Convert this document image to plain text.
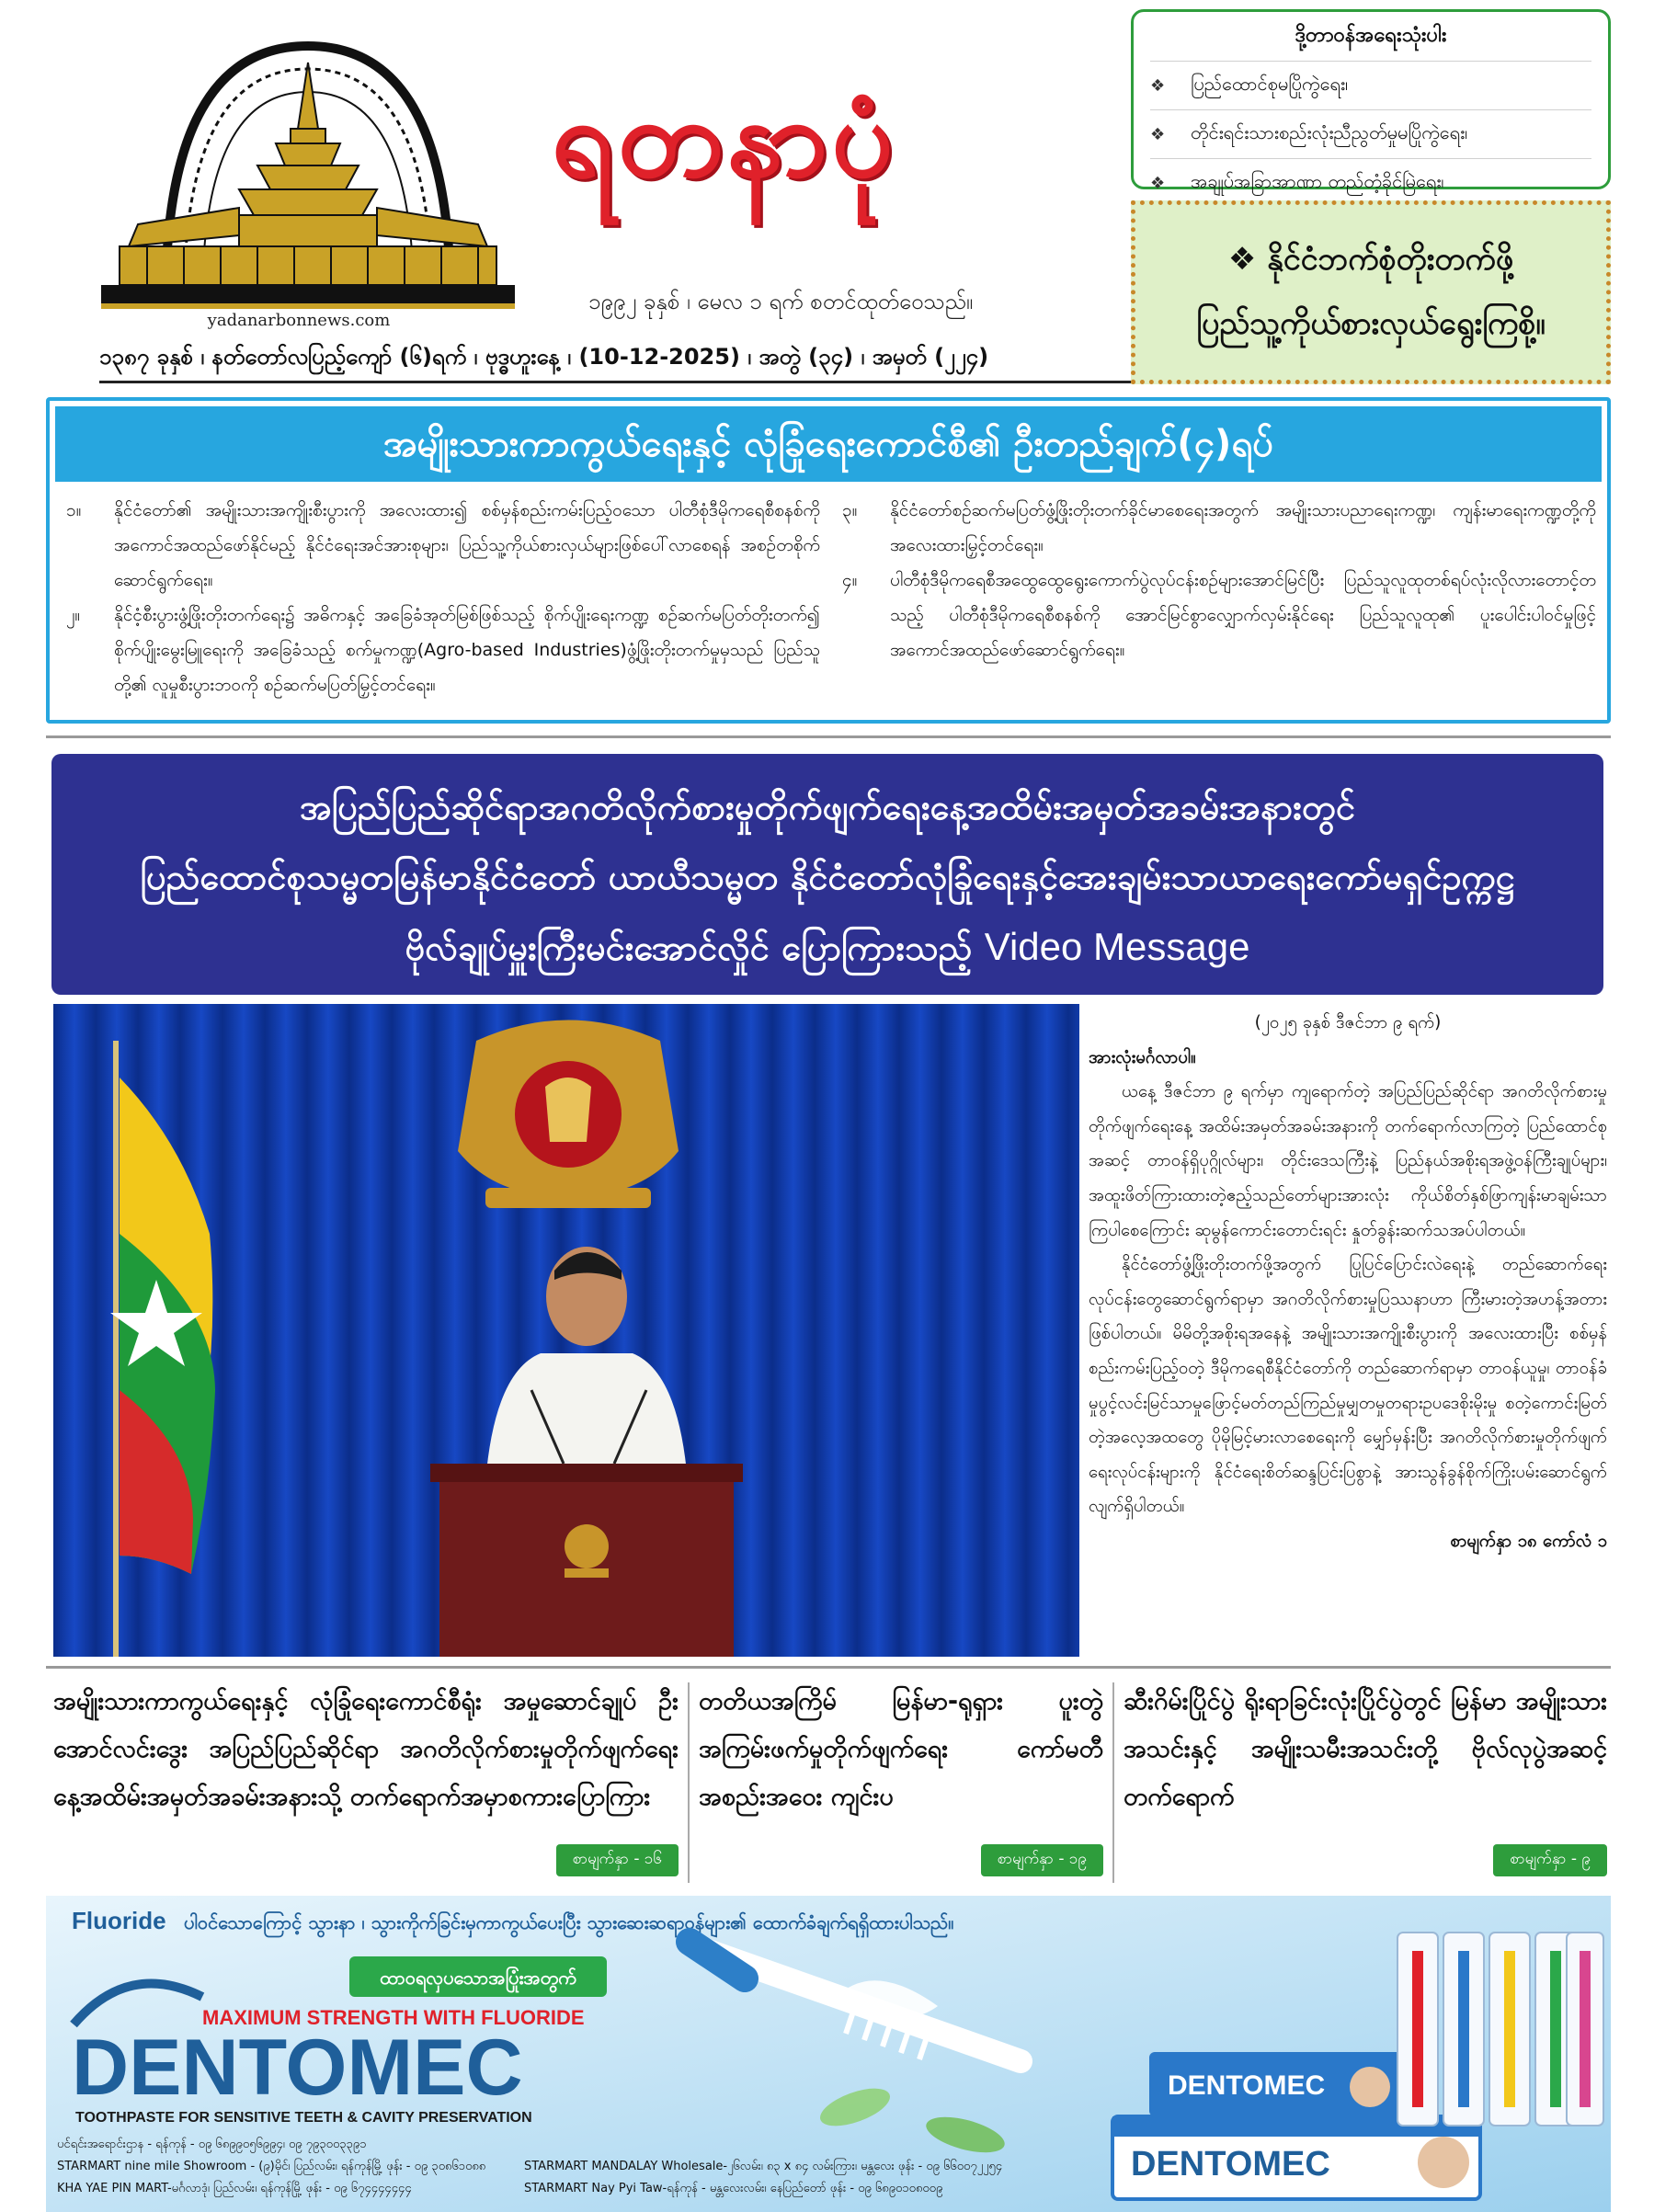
yadanarbonnews.com
ရတနာပုံ
၁၉၉၂ ခုနှစ် ၊ မေလ ၁ ရက် စတင်ထုတ်ဝေသည်။
၁၃၈၇ ခုနှစ် ၊ နတ်တော်လပြည့်ကျော် (၆)ရက် ၊ ဗုဒ္ဓဟူးနေ့ ၊ (10-12-2025) ၊ အတွဲ (၃၄) ၊ အမှတ် (၂၂၄)
ဒို့တာဝန်အရေးသုံးပါး
❖	ပြည်ထောင်စုမပြိုကွဲရေး၊
❖	တိုင်းရင်းသားစည်းလုံးညီညွတ်မှုမပြိုကွဲရေး၊
❖	အချုပ်အခြာအာဏာ တည်တံ့ခိုင်မြဲရေး၊
❖ နိုင်ငံဘက်စုံတိုးတက်ဖို့
ပြည်သူ့ကိုယ်စားလှယ်ရွေးကြစို့။
အမျိုးသားကာကွယ်ရေးနှင့် လုံခြုံရေးကောင်စီ၏ ဦးတည်ချက်(၄)ရပ်
၁။	နိုင်ငံတော်၏ အမျိုးသားအကျိုးစီးပွားကို အလေးထား၍ စစ်မှန်စည်းကမ်းပြည့်ဝသော ပါတီစုံဒီမိုကရေစီစနစ်ကို အကောင်အထည်ဖော်နိုင်မည့် နိုင်ငံရေးအင်အားစုများ၊ ပြည်သူ့ကိုယ်စားလှယ်များဖြစ်ပေါ်လာစေရန် အစဉ်တစိုက်ဆောင်ရွက်ရေး။
၂။	နိုင်ငံ့စီးပွားဖွံ့ဖြိုးတိုးတက်ရေး၌ အဓိကနှင့် အခြေခံအုတ်မြစ်ဖြစ်သည့် စိုက်ပျိုးရေးကဏ္ဍ စဉ်ဆက်မပြတ်တိုးတက်၍ စိုက်ပျိုးမွေးမြူရေးကို အခြေခံသည့် စက်မှုကဏ္ဍ(Agro-based Industries)ဖွံ့ဖြိုးတိုးတက်မှုမှသည် ပြည်သူတို့၏ လူမှုစီးပွားဘဝကို စဉ်ဆက်မပြတ်မြှင့်တင်ရေး။
၃။	နိုင်ငံတော်စဉ်ဆက်မပြတ်ဖွံ့ဖြိုးတိုးတက်ခိုင်မာစေရေးအတွက် အမျိုးသားပညာရေးကဏ္ဍ၊ ကျန်းမာရေးကဏ္ဍတို့ကို အလေးထားမြှင့်တင်ရေး။
၄။	ပါတီစုံဒီမိုကရေစီအထွေထွေရွေးကောက်ပွဲလုပ်ငန်းစဉ်များအောင်မြင်ပြီး ပြည်သူလူထုတစ်ရပ်လုံးလိုလားတောင့်တသည့် ပါတီစုံဒီမိုကရေစီစနစ်ကို အောင်မြင်စွာလျှောက်လှမ်းနိုင်ရေး ပြည်သူလူထု၏ ပူးပေါင်းပါဝင်မှုဖြင့် အကောင်အထည်ဖော်ဆောင်ရွက်ရေး။
အပြည်ပြည်ဆိုင်ရာအဂတိလိုက်စားမှုတိုက်ဖျက်ရေးနေ့အထိမ်းအမှတ်အခမ်းအနားတွင်
ပြည်ထောင်စုသမ္မတမြန်မာနိုင်ငံတော် ယာယီသမ္မတ နိုင်ငံတော်လုံခြုံရေးနှင့်အေးချမ်းသာယာရေးကော်မရှင်ဥက္ကဋ္ဌ
ဗိုလ်ချုပ်မှူးကြီးမင်းအောင်လှိုင် ပြောကြားသည့် Video Message
(၂၀၂၅ ခုနှစ် ဒီဇင်ဘာ ၉ ရက်)
အားလုံးမင်္ဂလာပါ။

ယနေ့ ဒီဇင်ဘာ ၉ ရက်မှာ ကျရောက်တဲ့ အပြည်ပြည်ဆိုင်ရာ အဂတိလိုက်စားမှုတိုက်ဖျက်ရေးနေ့ အထိမ်းအမှတ်အခမ်းအနားကို တက်ရောက်လာကြတဲ့ ပြည်ထောင်စုအဆင့် တာဝန်ရှိပုဂ္ဂိုလ်များ၊ တိုင်းဒေသကြီးနဲ့ ပြည်နယ်အစိုးရအဖွဲ့ဝန်ကြီးချုပ်များ၊ အထူးဖိတ်ကြားထားတဲ့ဧည့်သည်တော်များအားလုံး ကိုယ်စိတ်နှစ်ဖြာကျန်းမာချမ်းသာကြပါစေကြောင်း ဆုမွန်ကောင်းတောင်းရင်း နှုတ်ခွန်းဆက်သအပ်ပါတယ်။

နိုင်ငံတော်ဖွံ့ဖြိုးတိုးတက်ဖို့အတွက် ပြုပြင်ပြောင်းလဲရေးနဲ့ တည်ဆောက်ရေးလုပ်ငန်းတွေဆောင်ရွက်ရာမှာ အဂတိလိုက်စားမှုပြဿနာဟာ ကြီးမားတဲ့အဟန့်အတားဖြစ်ပါတယ်။ မိမိတို့အစိုးရအနေနဲ့ အမျိုးသားအကျိုးစီးပွားကို အလေးထားပြီး စစ်မှန်စည်းကမ်းပြည့်ဝတဲ့ ဒီမိုကရေစီနိုင်ငံတော်ကို တည်ဆောက်ရာမှာ တာဝန်ယူမှု၊ တာဝန်ခံမှုပွင့်လင်းမြင်သာမှုဖြောင့်မတ်တည်ကြည်မှုမျှတမှုတရားဥပဒေစိုးမိုးမှု စတဲ့ကောင်းမြတ်တဲ့အလေ့အထတွေ ပိုမိုမြင့်မားလာစေရေးကို မျှော်မှန်းပြီး အဂတိလိုက်စားမှုတိုက်ဖျက်ရေးလုပ်ငန်းများကို နိုင်ငံရေးစိတ်ဆန္ဒပြင်းပြစွာနဲ့ အားသွန်ခွန်စိုက်ကြိုးပမ်းဆောင်ရွက်လျက်ရှိပါတယ်။

စာမျက်နှာ ၁၈ ကော်လံ ၁
အမျိုးသားကာကွယ်ရေးနှင့် လုံခြုံရေးကောင်စီရုံး အမှုဆောင်ချုပ် ဦးအောင်လင်းဒွေး အပြည်ပြည်ဆိုင်ရာ အဂတိလိုက်စားမှုတိုက်ဖျက်ရေးနေ့အထိမ်းအမှတ်အခမ်းအနားသို့ တက်ရောက်အမှာစကားပြောကြား
စာမျက်နှာ - ၁၆
တတိယအကြိမ် မြန်မာ-ရုရှား ပူးတွဲ အကြမ်းဖက်မှုတိုက်ဖျက်ရေး ကော်မတီ အစည်းအဝေး ကျင်းပ
စာမျက်နှာ - ၁၉
ဆီးဂိမ်းပြိုင်ပွဲ ရိုးရာခြင်းလုံးပြိုင်ပွဲတွင် မြန်မာ အမျိုးသားအသင်းနှင့် အမျိုးသမီးအသင်းတို့ ဗိုလ်လုပွဲအဆင့် တက်ရောက်
စာမျက်နှာ - ၉
Fluoride ပါဝင်သောကြောင့် သွားနာ ၊ သွားကိုက်ခြင်းမှကာကွယ်ပေးပြီး သွားဆေးဆရာဝန်များ၏ ထောက်ခံချက်ရရှိထားပါသည်။
ထာဝရလှပသောအပြုံးအတွက်
MAXIMUM STRENGTH WITH FLUORIDE
DENTOMEC
TOOTHPASTE FOR SENSITIVE TEETH & CAVITY PRESERVATION
ပင်ရင်းအရောင်းဌာန - ရန်ကုန် - ၀၉ ၆၈၉၉၀၅၆၉၉၄၊ ၀၉ ၇၉၃၀၀၃၃၉၁
STARMART nine mile Showroom - (၉)မိုင်၊ ပြည်လမ်း၊ ရန်ကုန်မြို့ ဖုန်း - ၀၉ ၃၀၈၆၁၀၈၈
KHA YAE PIN MART-မင်္ဂလာဒုံ၊ ပြည်လမ်း၊ ရန်ကုန်မြို့ ဖုန်း - ၀၉ ၆၇၄၄၄၄၄၄၄
STARMART MANDALAY Wholesale-၂၆လမ်း၊ ၈၃ x ၈၄ လမ်းကြား၊ မန္တလေး ဖုန်း - ၀၉ ၆၆၀၀၇၂၂၅၄
STARMART Nay Pyi Taw-ရန်ကုန် - မန္တလေးလမ်း၊ နေပြည်တော် ဖုန်း - ၀၉ ၆၈၉၀၁၀၈၀၀၉
DENTOMEC
DENTOMEC
